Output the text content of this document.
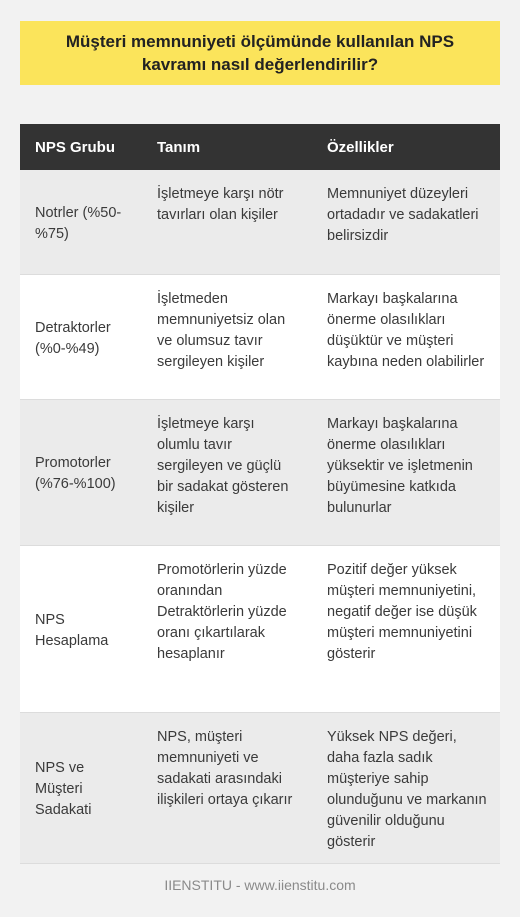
Müşteri memnuniyeti ölçümünde kullanılan NPS kavramı nasıl değerlendirilir?
NPS Grubu	Tanım	Özellikler
Notrler (%50-%75)	İşletmeye karşı nötr tavırları olan kişiler	Memnuniyet düzeyleri ortadadır ve sadakatleri belirsizdir
Detraktorler (%0-%49)	İşletmeden memnuniyetsiz olan ve olumsuz tavır sergileyen kişiler	Markayı başkalarına önerme olasılıkları düşüktür ve müşteri kaybına neden olabilirler
Promotorler (%76-%100)	İşletmeye karşı olumlu tavır sergileyen ve güçlü bir sadakat gösteren kişiler	Markayı başkalarına önerme olasılıkları yüksektir ve işletmenin büyümesine katkıda bulunurlar
NPS Hesaplama	Promotörlerin yüzde oranından Detraktörlerin yüzde oranı çıkartılarak hesaplanır	Pozitif değer yüksek müşteri memnuniyetini, negatif değer ise düşük müşteri memnuniyetini gösterir
NPS ve Müşteri Sadakati	NPS, müşteri memnuniyeti ve sadakati arasındaki ilişkileri ortaya çıkarır	Yüksek NPS değeri, daha fazla sadık müşteriye sahip olunduğunu ve markanın güvenilir olduğunu gösterir
IIENSTITU - www.iienstitu.com
